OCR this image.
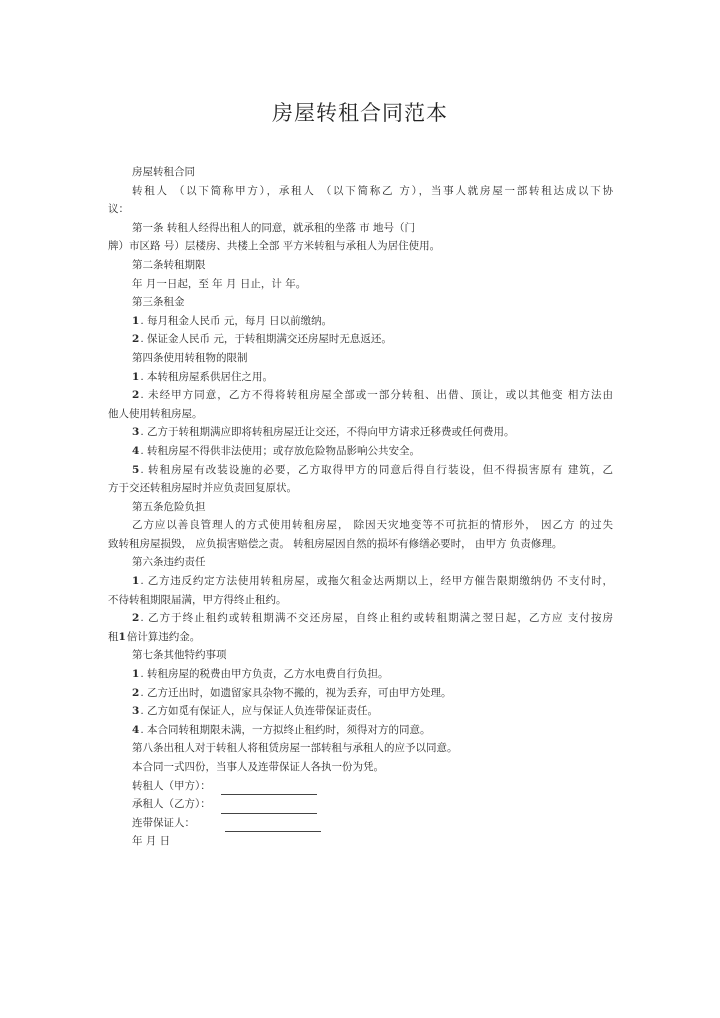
房屋转租合同范本
房屋转租合同
转租人 （以下简称甲方），承租人 （以下简称乙 方），当事人就房屋一部转租达成以下协
议：
第一条 转租人经得出租人的同意，就承租的坐落 市 地号（门
牌）市区路 号）层楼房、共楼上全部 平方米转租与承租人为居住使用。
第二条转租期限
年 月一日起，至 年 月 日止，计 年。
第三条租金
1. 每月租金人民币 元，每月 日以前缴纳。
2. 保证金人民币 元，于转租期满交还房屋时无息返还。
第四条使用转租物的限制
1. 本转租房屋系供居住之用。
2. 未经甲方同意，乙方不得将转租房屋全部或一部分转租、出借、顶让，或以其他变 相方法由
他人使用转租房屋。
3. 乙方于转租期满应即将转租房屋迁让交还，不得向甲方请求迁移费或任何费用。
4. 转租房屋不得供非法使用；或存放危险物品影响公共安全。
5. 转租房屋有改装设施的必要，乙方取得甲方的同意后得自行装设，但不得损害原有 建筑，乙
方于交还转租房屋时并应负责回复原状。
第五条危险负担
乙方应以善良管理人的方式使用转租房屋， 除因天灾地变等不可抗拒的情形外， 因乙方 的过失
致转租房屋损毁， 应负损害赔偿之责。 转租房屋因自然的损坏有修缮必要时， 由甲方 负责修理。
第六条违约责任
1. 乙方违反约定方法使用转租房屋，或拖欠租金达两期以上，经甲方催告限期缴纳仍 不支付时，
不待转租期限届满，甲方得终止租约。
2. 乙方于终止租约或转租期满不交还房屋，自终止租约或转租期满之翌日起，乙方应 支付按房
租1倍计算违约金。
第七条其他特约事项
1. 转租房屋的税费由甲方负责，乙方水电费自行负担。
2. 乙方迁出时，如遗留家具杂物不搬的，视为丢弃，可由甲方处理。
3. 乙方如觅有保证人，应与保证人负连带保证责任。
4. 本合同转租期限未满，一方拟终止租约时，须得对方的同意。
第八条出租人对于转租人将租赁房屋一部转租与承租人的应予以同意。
本合同一式四份，当事人及连带保证人各执一份为凭。
转租人（甲方）：
承租人（乙方）：
连带保证人：
年 月 日
